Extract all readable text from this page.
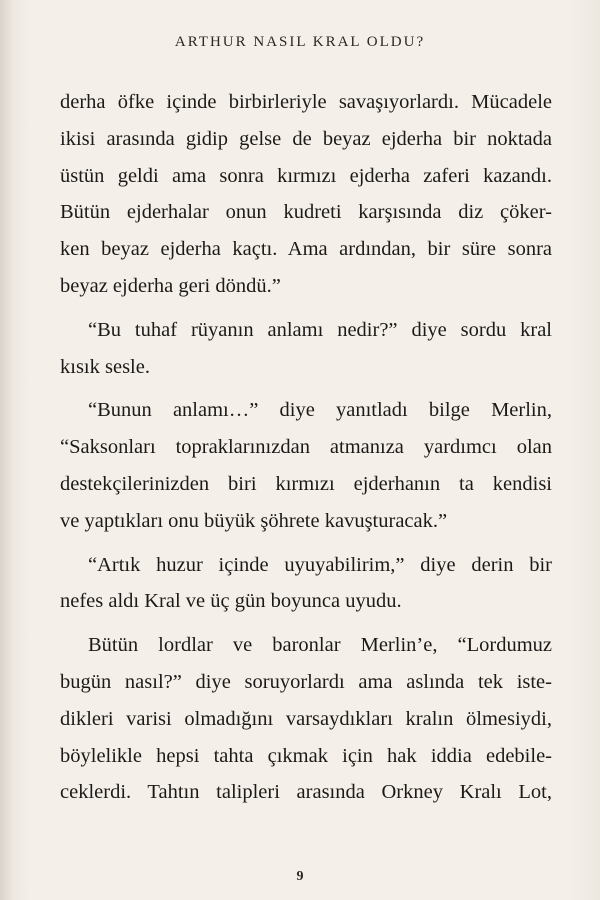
ARTHUR NASIL KRAL OLDU?
derha öfke içinde birbirleriyle savaşıyorlardı. Mücadele
ikisi arasında gidip gelse de beyaz ejderha bir noktada
üstün geldi ama sonra kırmızı ejderha zaferi kazandı.
Bütün ejderhalar onun kudreti karşısında diz çöker-
ken beyaz ejderha kaçtı. Ama ardından, bir süre sonra
beyaz ejderha geri döndü.”
“Bu tuhaf rüyanın anlamı nedir?” diye sordu kral
kısık sesle.
“Bunun anlamı…” diye yanıtladı bilge Merlin,
“Saksonları topraklarınızdan atmanıza yardımcı olan
destekçilerinizden biri kırmızı ejderhanın ta kendisi
ve yaptıkları onu büyük şöhrete kavuşturacak.”
“Artık huzur içinde uyuyabilirim,” diye derin bir
nefes aldı Kral ve üç gün boyunca uyudu.
Bütün lordlar ve baronlar Merlin’e, “Lordumuz
bugün nasıl?” diye soruyorlardı ama aslında tek iste-
dikleri varisi olmadığını varsaydıkları kralın ölmesiydi,
böylelikle hepsi tahta çıkmak için hak iddia edebile-
ceklerdi. Tahtın talipleri arasında Orkney Kralı Lot,
9
